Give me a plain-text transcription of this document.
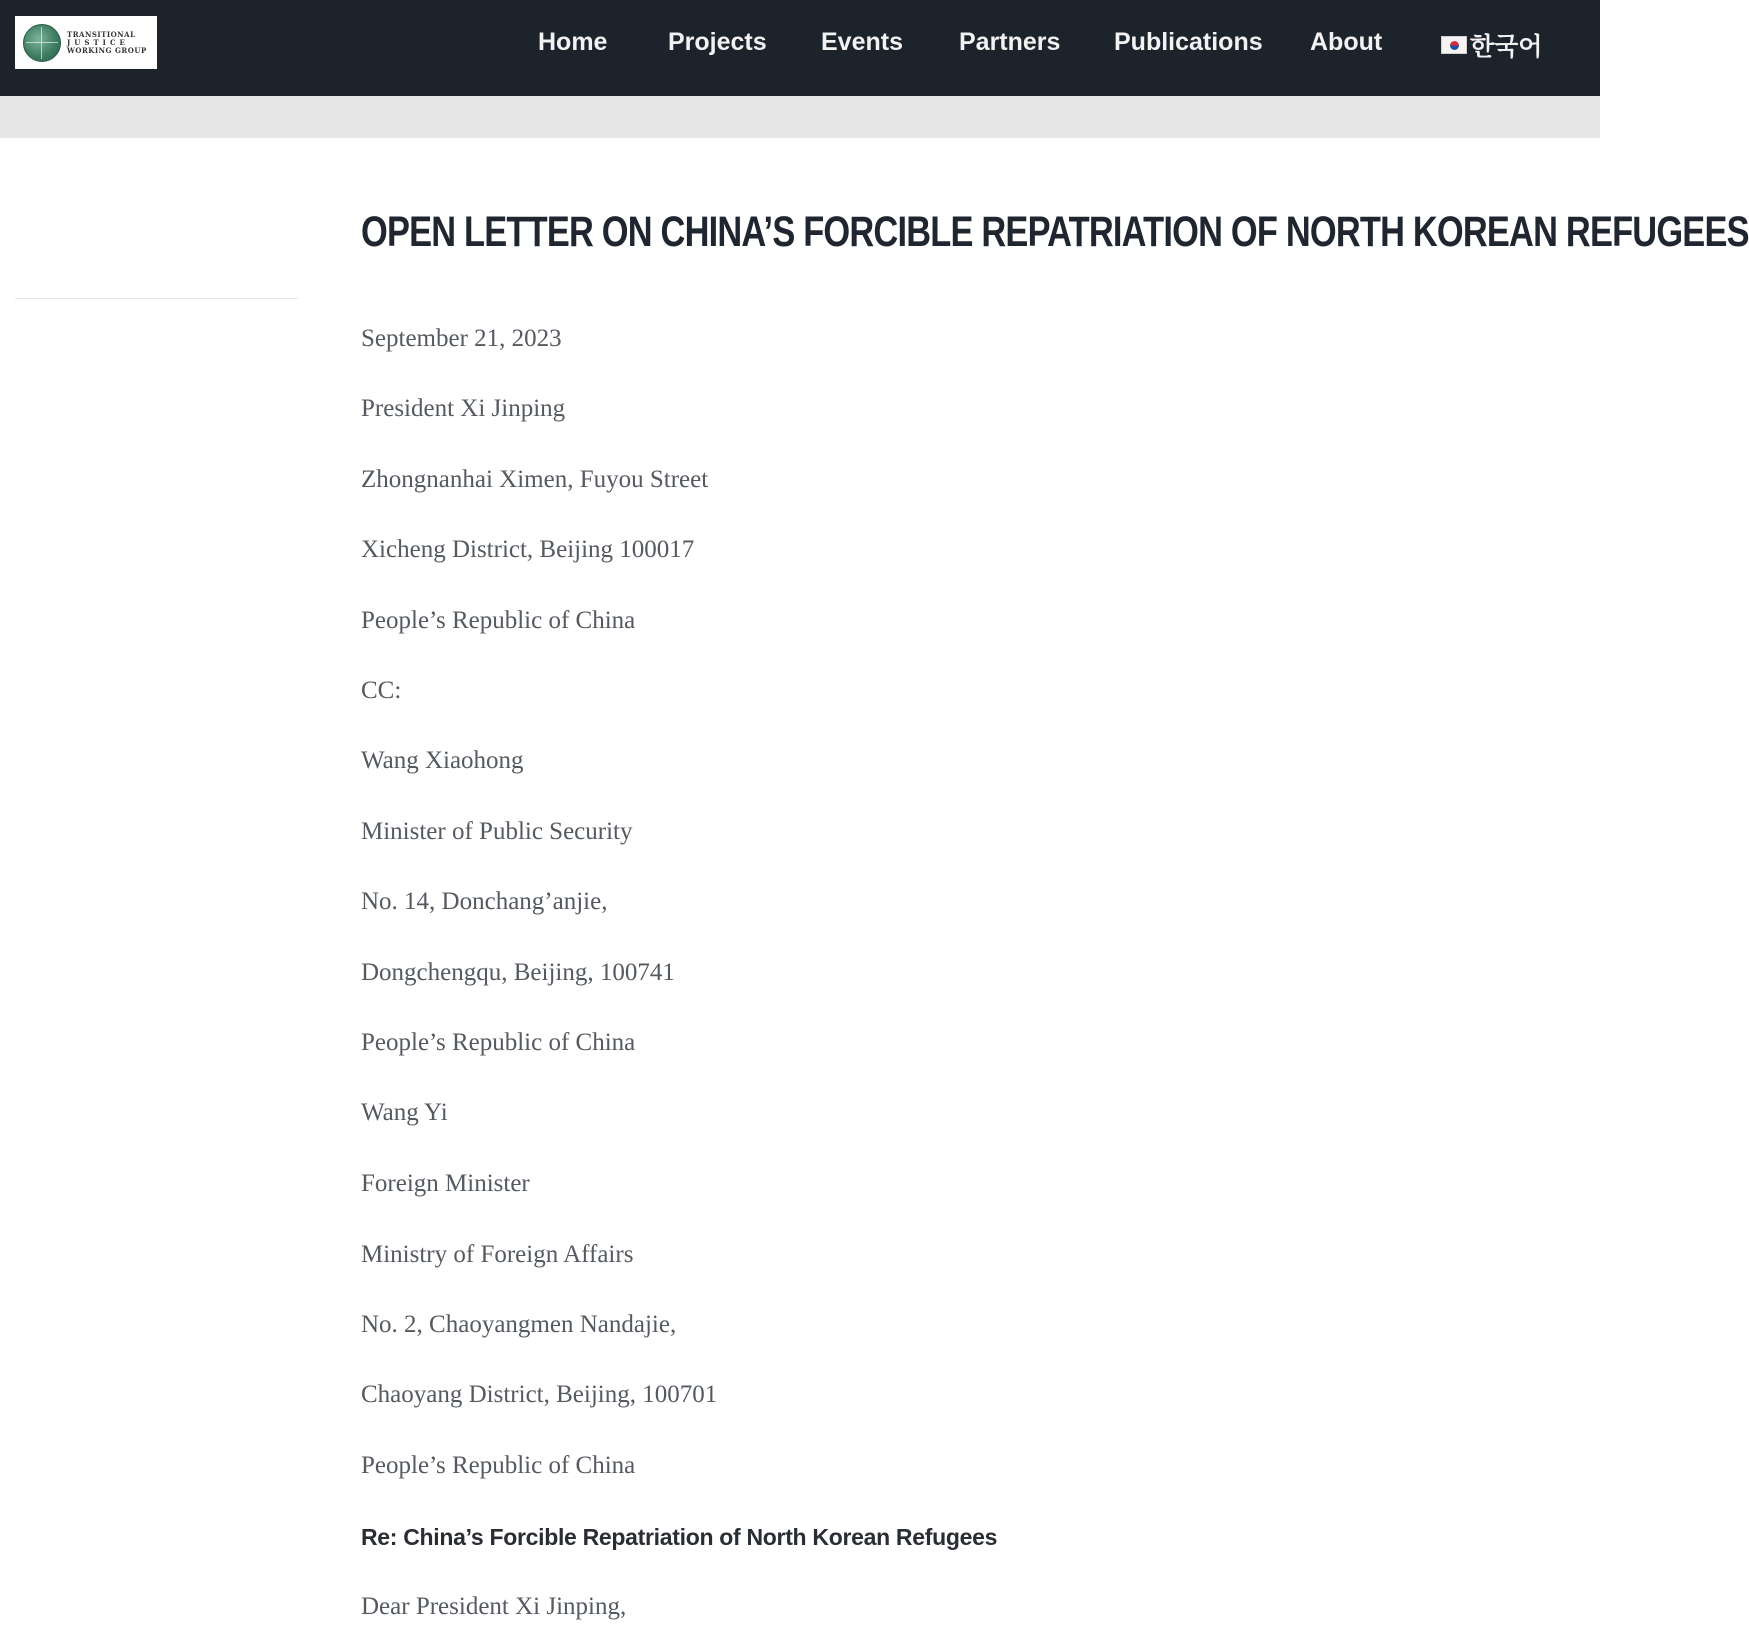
TRANSITIONAL
JUSTICE
WORKING GROUP	Home Projects Events Partners Publications About	한국어
OPEN LETTER ON CHINA’S FORCIBLE REPATRIATION OF NORTH KOREAN REFUGEES

September 21, 2023

President Xi Jinping

Zhongnanhai Ximen, Fuyou Street

Xicheng District, Beijing 100017

People’s Republic of China

CC:

Wang Xiaohong

Minister of Public Security

No. 14, Donchang’anjie,

Dongchengqu, Beijing, 100741

People’s Republic of China

Wang Yi

Foreign Minister

Ministry of Foreign Affairs

No. 2, Chaoyangmen Nandajie,

Chaoyang District, Beijing, 100701

People’s Republic of China

Re: China’s Forcible Repatriation of North Korean Refugees

Dear President Xi Jinping,
